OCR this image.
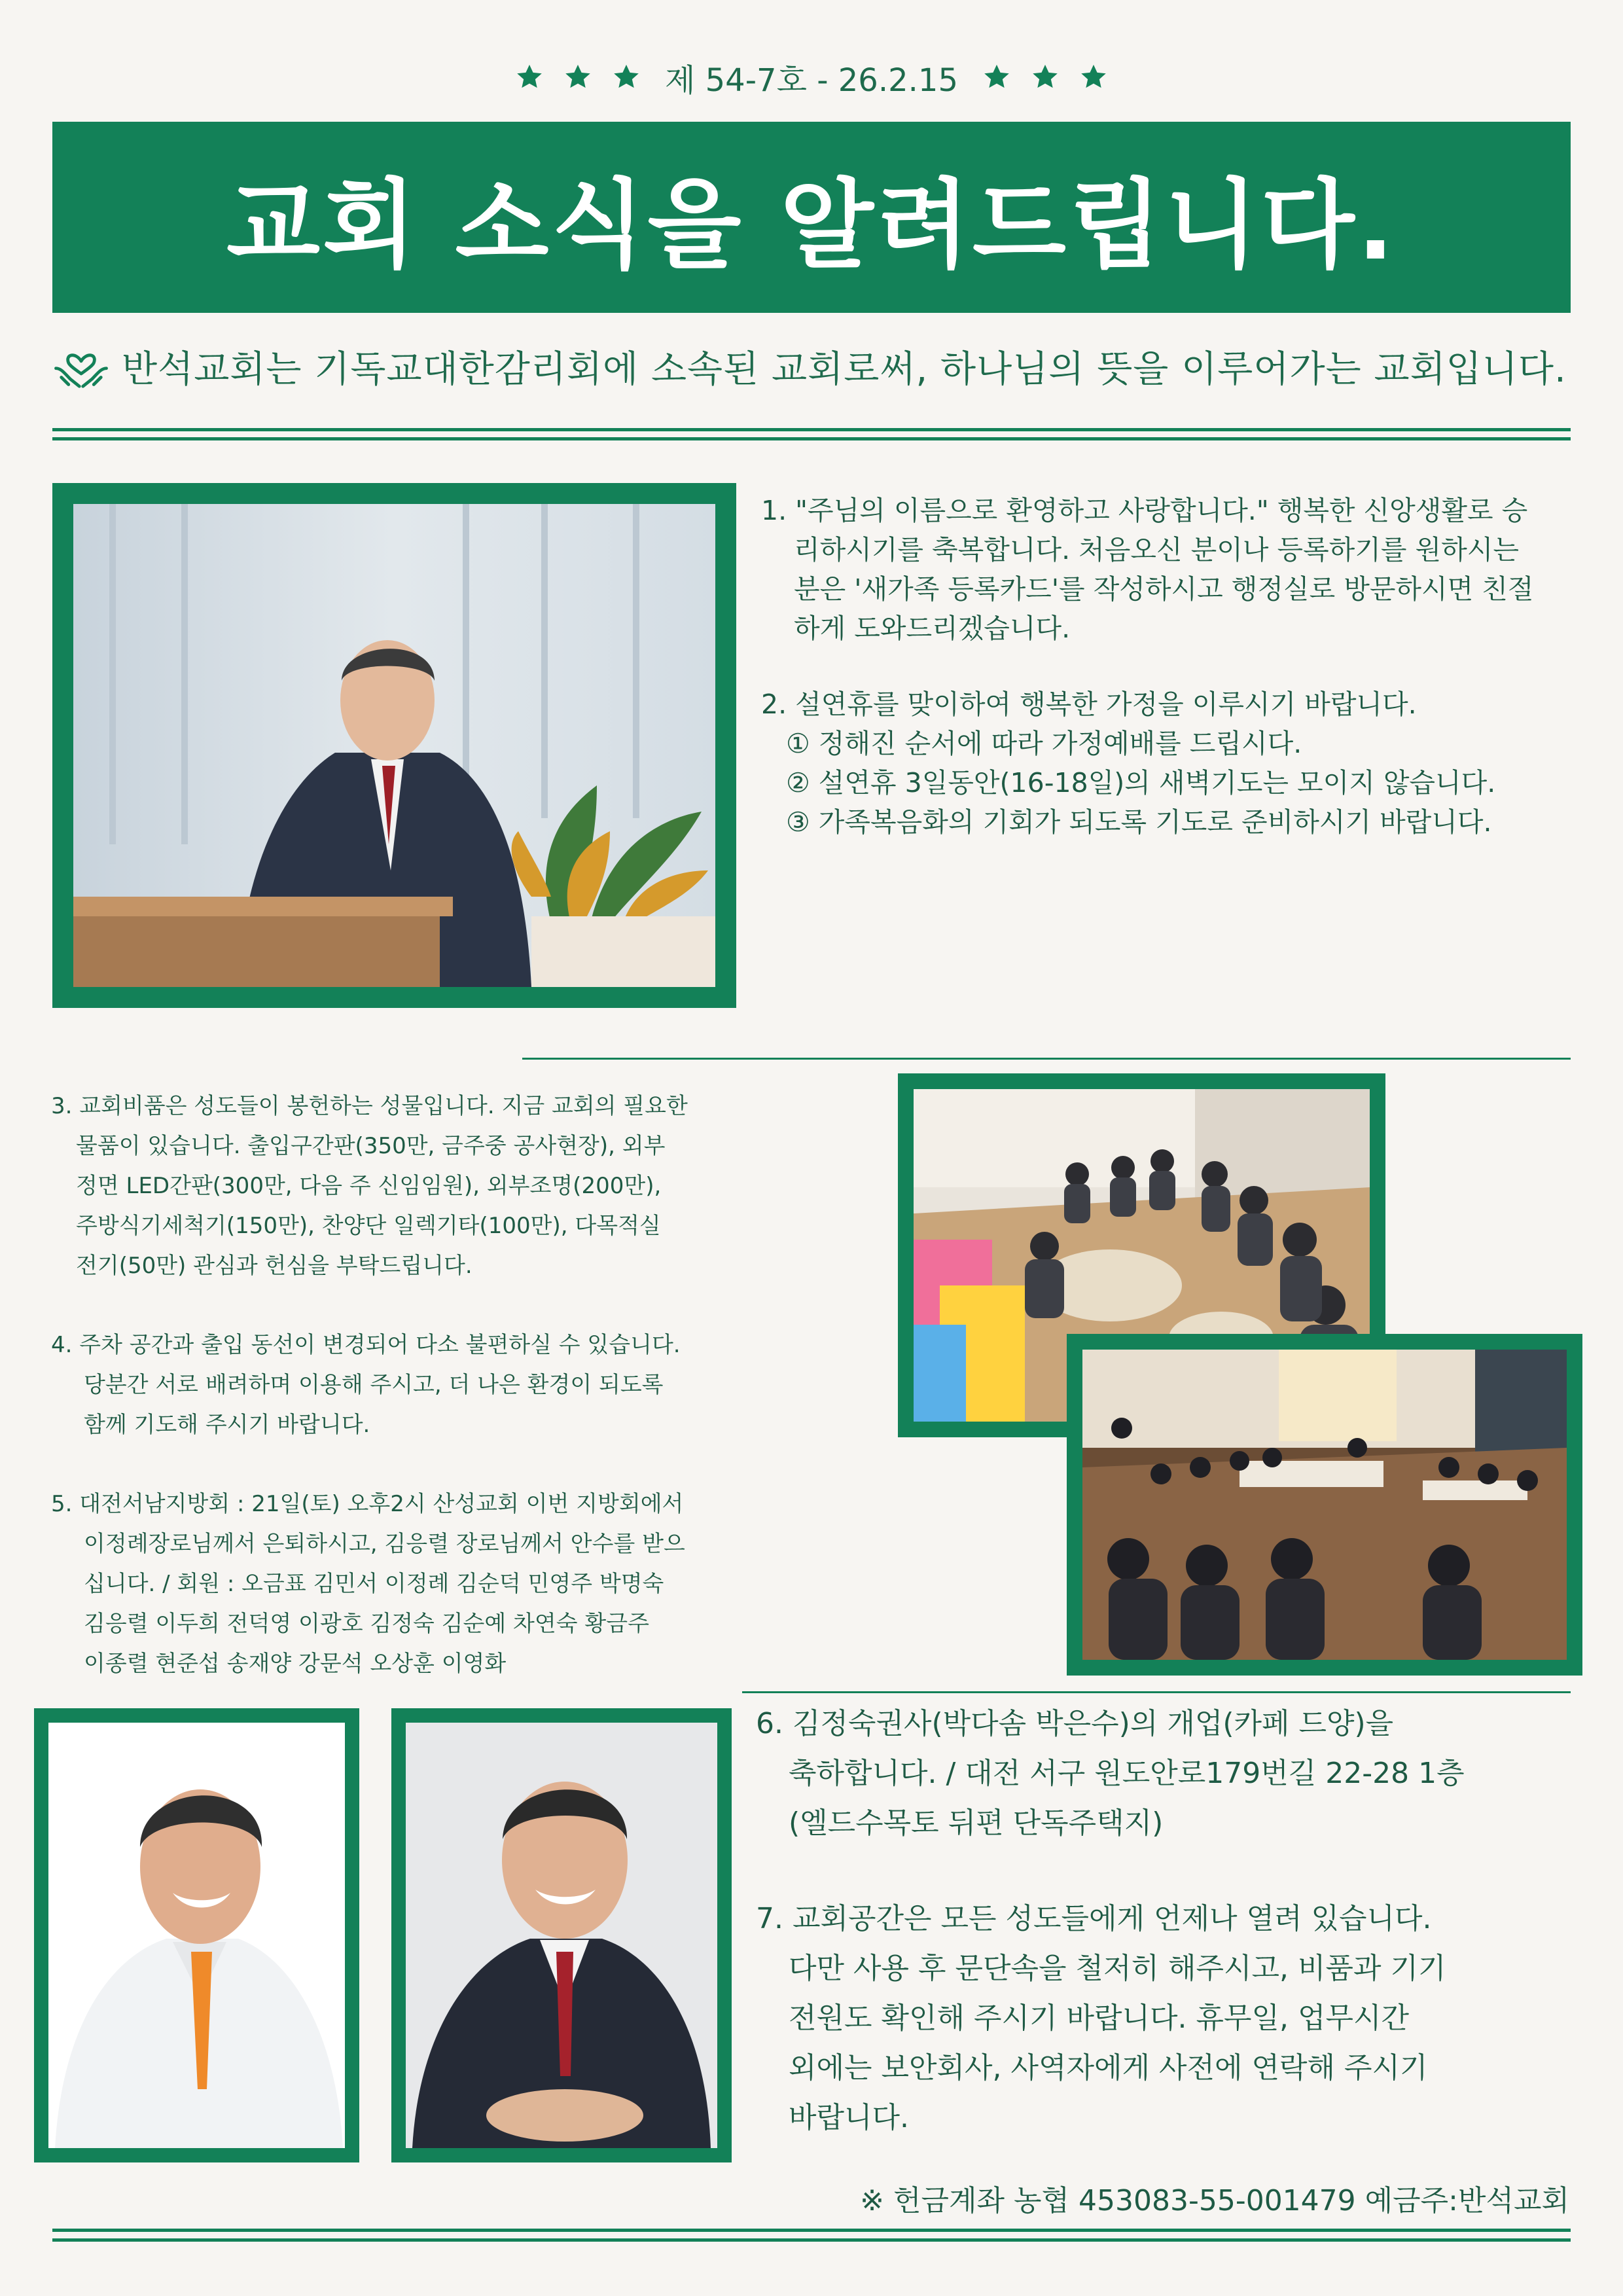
제 54-7호 - 26.2.15
교회 소식을 알려드립니다.
반석교회는 기독교대한감리회에 소속된 교회로써, 하나님의 뜻을 이루어가는 교회입니다.

1. "주님의 이름으로 환영하고 사랑합니다." 행복한 신앙생활로 승

리하시기를 축복합니다. 처음오신 분이나 등록하기를 원하시는

분은 '새가족 등록카드'를 작성하시고 행정실로 방문하시면 친절

하게 도와드리겠습니다.

2. 설연휴를 맞이하여 행복한 가정을 이루시기 바랍니다.

① 정해진 순서에 따라 가정예배를 드립시다.

② 설연휴 3일동안(16-18일)의 새벽기도는 모이지 않습니다.

③ 가족복음화의 기회가 되도록 기도로 준비하시기 바랍니다.

3. 교회비품은 성도들이 봉헌하는 성물입니다. 지금 교회의 필요한

물품이 있습니다. 출입구간판(350만, 금주중 공사현장), 외부

정면 LED간판(300만, 다음 주 신임임원), 외부조명(200만),

주방식기세척기(150만), 찬양단 일렉기타(100만), 다목적실

전기(50만) 관심과 헌심을 부탁드립니다.

4. 주차 공간과 출입 동선이 변경되어 다소 불편하실 수 있습니다.

당분간 서로 배려하며 이용해 주시고, 더 나은 환경이 되도록

함께 기도해 주시기 바랍니다.

5. 대전서남지방회 : 21일(토) 오후2시 산성교회 이번 지방회에서

이정례장로님께서 은퇴하시고, 김응렬 장로님께서 안수를 받으

십니다. / 회원 : 오금표 김민서 이정례 김순덕 민영주 박명숙

김응렬 이두희 전덕영 이광호 김정숙 김순예 차연숙 황금주

이종렬 현준섭 송재양 강문석 오상훈 이영화

6. 김정숙권사(박다솜 박은수)의 개업(카페 드양)을

축하합니다. / 대전 서구 원도안로179번길 22-28 1층

(엘드수목토 뒤편 단독주택지)

7. 교회공간은 모든 성도들에게 언제나 열려 있습니다.

다만 사용 후 문단속을 철저히 해주시고, 비품과 기기

전원도 확인해 주시기 바랍니다. 휴무일, 업무시간

외에는 보안회사, 사역자에게 사전에 연락해 주시기

바랍니다.

※ 헌금계좌 농협 453083-55-001479 예금주:반석교회
